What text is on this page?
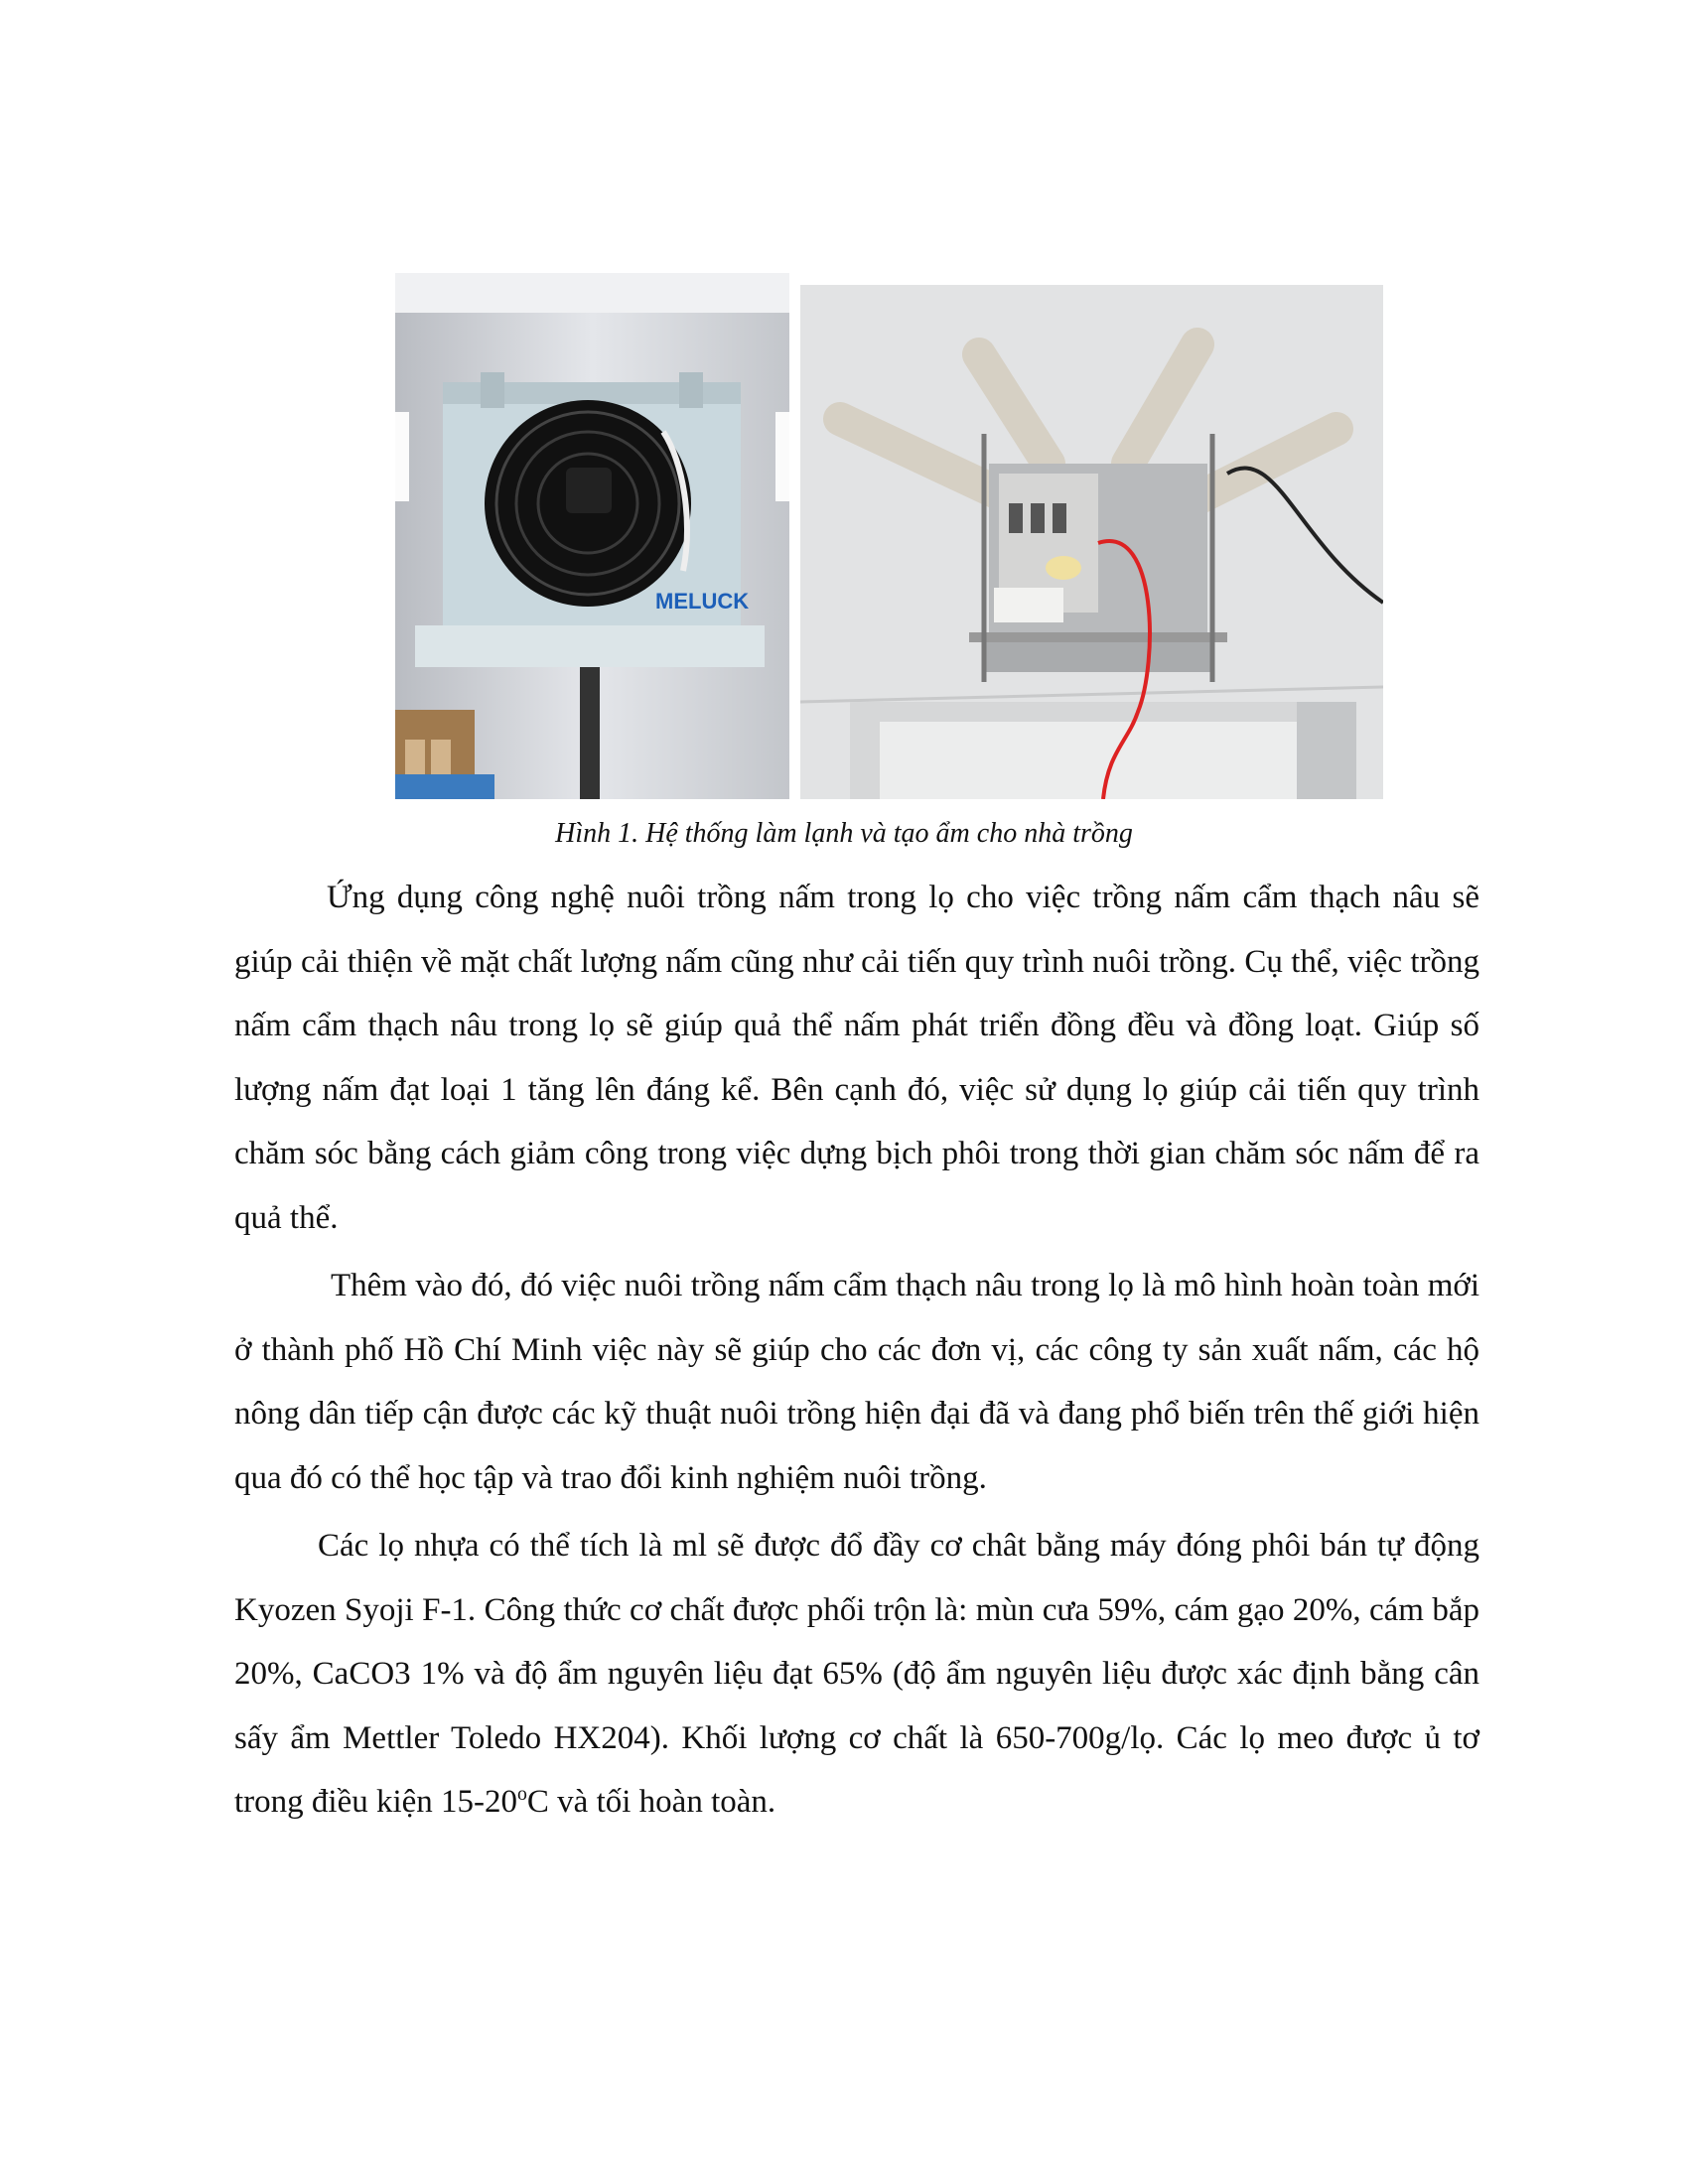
MELUCK
Hình 1. Hệ thống làm lạnh và tạo ẩm cho nhà trồng

Ứng dụng công nghệ nuôi trồng nấm trong lọ cho việc trồng nấm cẩm thạch nâu sẽ giúp cải thiện về mặt chất lượng nấm cũng như cải tiến quy trình nuôi trồng. Cụ thể, việc trồng nấm cẩm thạch nâu trong lọ sẽ giúp quả thể nấm phát triển đồng đều và đồng loạt. Giúp số lượng nấm đạt loại 1 tăng lên đáng kể. Bên cạnh đó, việc sử dụng lọ giúp cải tiến quy trình chăm sóc bằng cách giảm công trong việc dựng bịch phôi trong thời gian chăm sóc nấm để ra quả thể.

Thêm vào đó, đó việc nuôi trồng nấm cẩm thạch nâu trong lọ là mô hình hoàn toàn mới ở thành phố Hồ Chí Minh việc này sẽ giúp cho các đơn vị, các công ty sản xuất nấm, các hộ nông dân tiếp cận được các kỹ thuật nuôi trồng hiện đại đã và đang phổ biến trên thế giới hiện qua đó có thể học tập và trao đổi kinh nghiệm nuôi trồng.

Các lọ nhựa có thể tích là ml sẽ được đổ đầy cơ chât bằng máy đóng phôi bán tự động Kyozen Syoji F-1. Công thức cơ chất được phối trộn là: mùn cưa 59%, cám gạo 20%, cám bắp 20%, CaCO3 1% và độ ẩm nguyên liệu đạt 65% (độ ẩm nguyên liệu được xác định bằng cân sấy ẩm Mettler Toledo HX204). Khối lượng cơ chất là 650-700g/lọ. Các lọ meo được ủ tơ trong điều kiện 15-20$^o$C và tối hoàn toàn.
